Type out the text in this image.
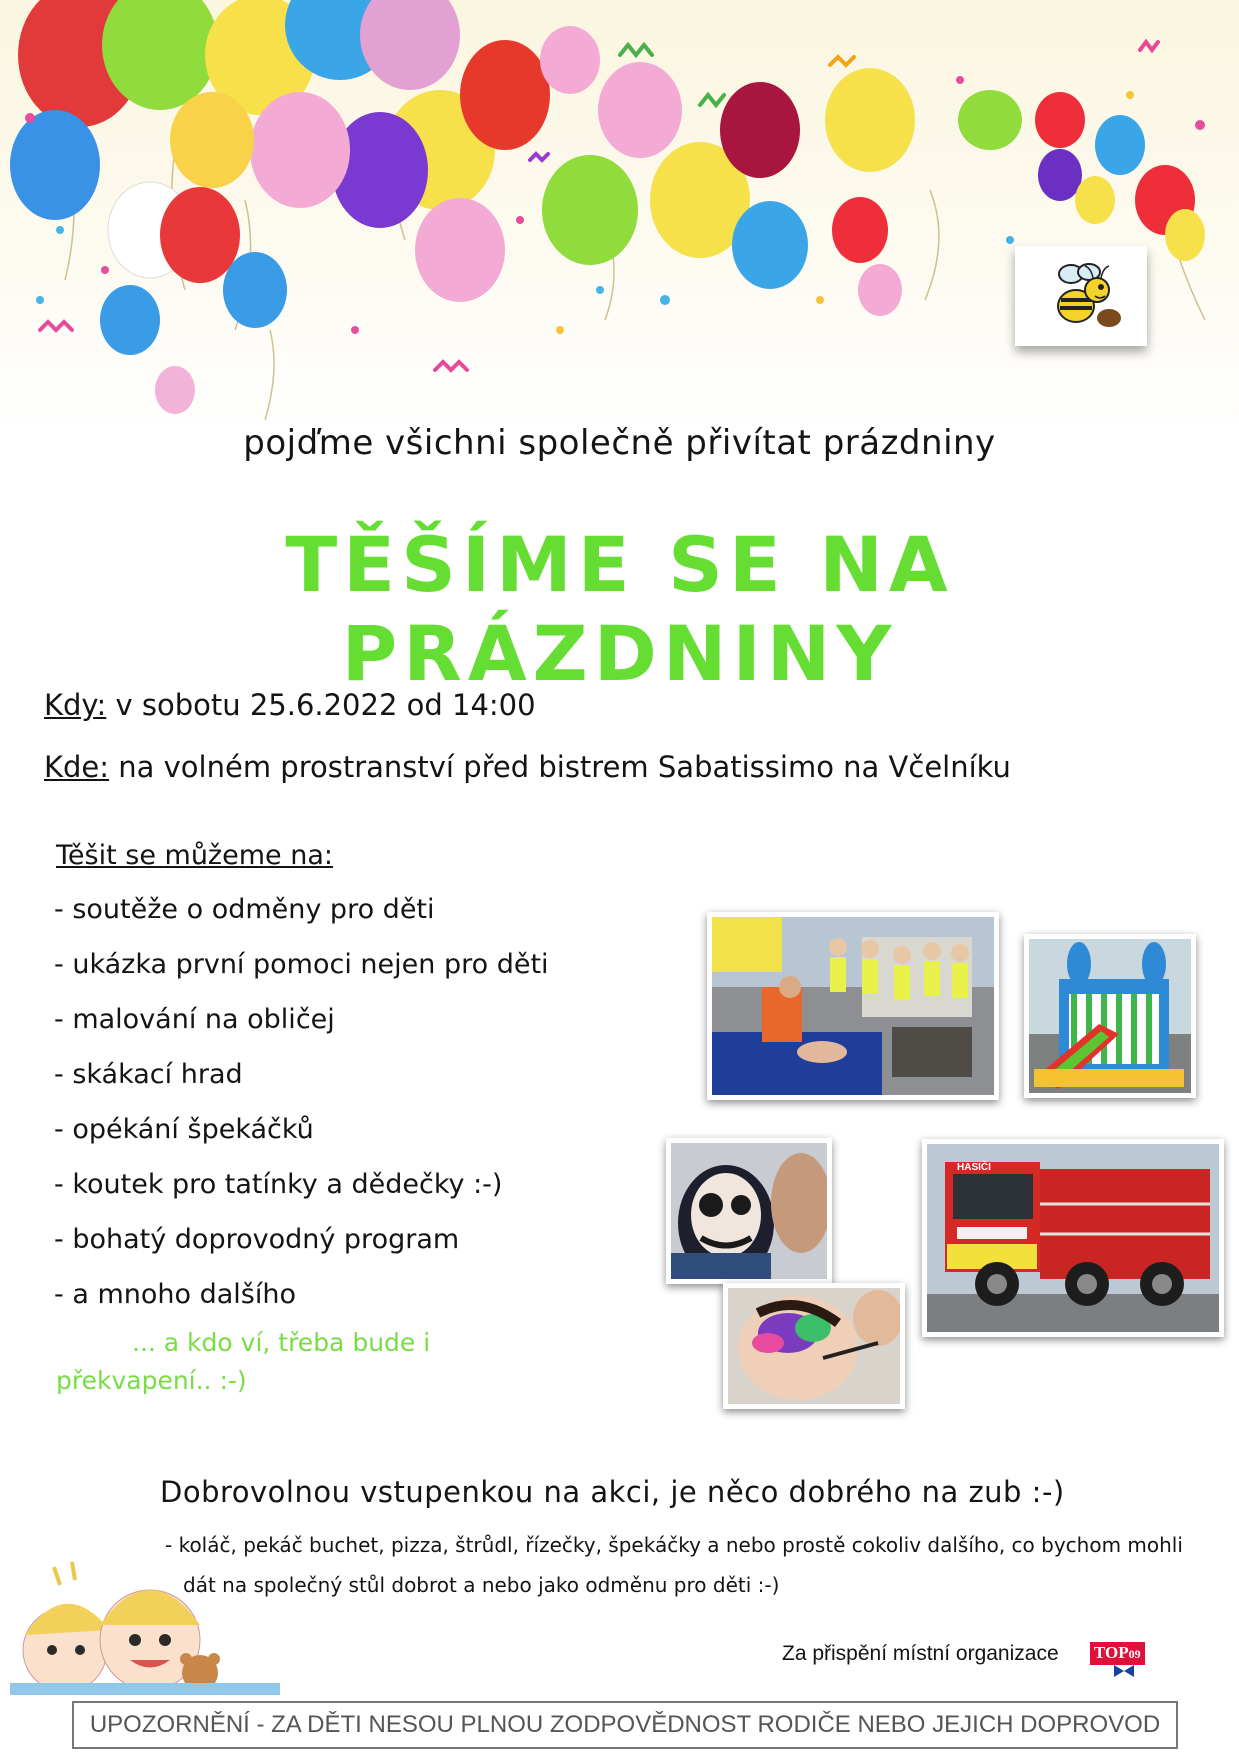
pojďme všichni společně přivítat prázdniny
TĚŠÍME SE NA PRÁZDNINY
Kdy: v sobotu 25.6.2022 od 14:00
Kde: na volném prostranství před bistrem Sabatissimo na Včelníku
Těšit se můžeme na:
- soutěže o odměny pro děti
- ukázka první pomoci nejen pro děti
- malování na obličej
- skákací hrad
- opékání špekáčků
- koutek pro tatínky a dědečky :-)
- bohatý doprovodný program
- a mnoho dalšího
... a kdo ví, třeba bude i překvapení.. :-)
HASIČI
Dobrovolnou vstupenkou na akci, je něco dobrého na zub :-)
- koláč, pekáč buchet, pizza, štrůdl, řízečky, špekáčky a nebo prostě cokoliv dalšího, co bychom mohli dát na společný stůl dobrot a nebo jako odměnu pro děti :-)
Za přispění místní organizace TOP09
UPOZORNĚNÍ - ZA DĚTI NESOU PLNOU ZODPOVĚDNOST RODIČE NEBO JEJICH DOPROVOD
